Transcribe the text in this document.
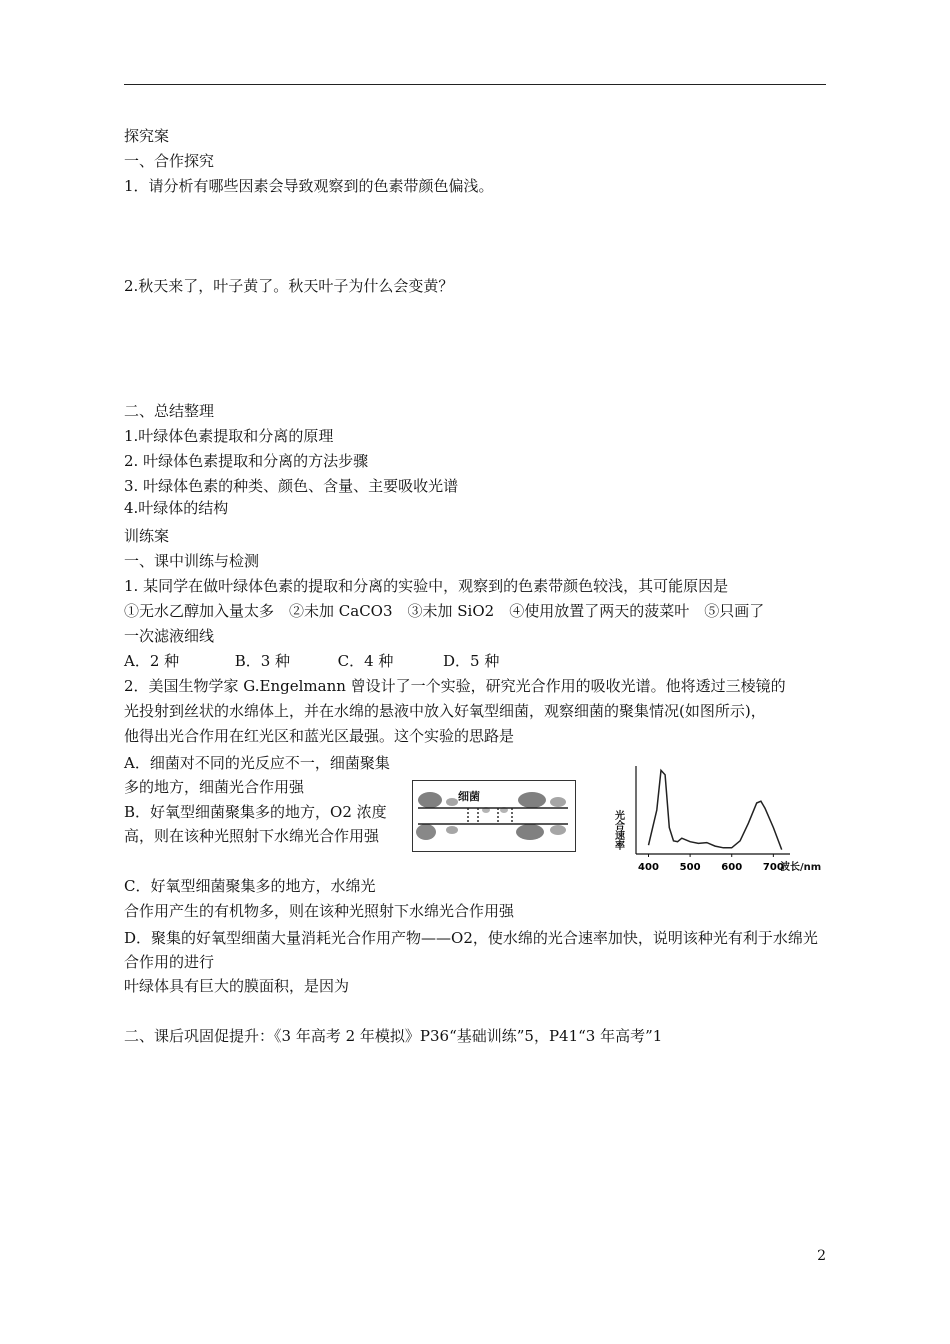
探究案
一、合作探究
1．请分析有哪些因素会导致观察到的色素带颜色偏浅。
2.秋天来了，叶子黄了。秋天叶子为什么会变黄？
二、总结整理
1.叶绿体色素提取和分离的原理
2. 叶绿体色素提取和分离的方法步骤
3. 叶绿体色素的种类、颜色、含量、主要吸收光谱
4.叶绿体的结构
训练案
一、课中训练与检测
1. 某同学在做叶绿体色素的提取和分离的实验中，观察到的色素带颜色较浅，其可能原因是
①无水乙醇加入量太多　②未加 CaCO3　③未加 SiO2　④使用放置了两天的菠菜叶　⑤只画了
一次滤液细线
A．2 种	B．3 种	C．4 种	D．5 种
2．美国生物学家 G.Engelmann 曾设计了一个实验，研究光合作用的吸收光谱。他将透过三棱镜的
光投射到丝状的水绵体上，并在水绵的悬液中放入好氧型细菌，观察细菌的聚集情况(如图所示)，
他得出光合作用在红光区和蓝光区最强。这个实验的思路是
A．细菌对不同的光反应不一，细菌聚集多的地方，细菌光合作用强
B．好氧型细菌聚集多的地方，O2 浓度高，则在该种光照射下水绵光合作用强
C．好氧型细菌聚集多的地方，水绵光
合作用产生的有机物多，则在该种光照射下水绵光合作用强
D．聚集的好氧型细菌大量消耗光合作用产物——O2，使水绵的光合速率加快，说明该种光有利于水绵光合作用的进行
叶绿体具有巨大的膜面积，是因为
二、课后巩固促提升：《3 年高考 2 年模拟》P36“基础训练”5，P41“3 年高考”1
细菌
光合速率
400 500 600 700
波长/nm
2
